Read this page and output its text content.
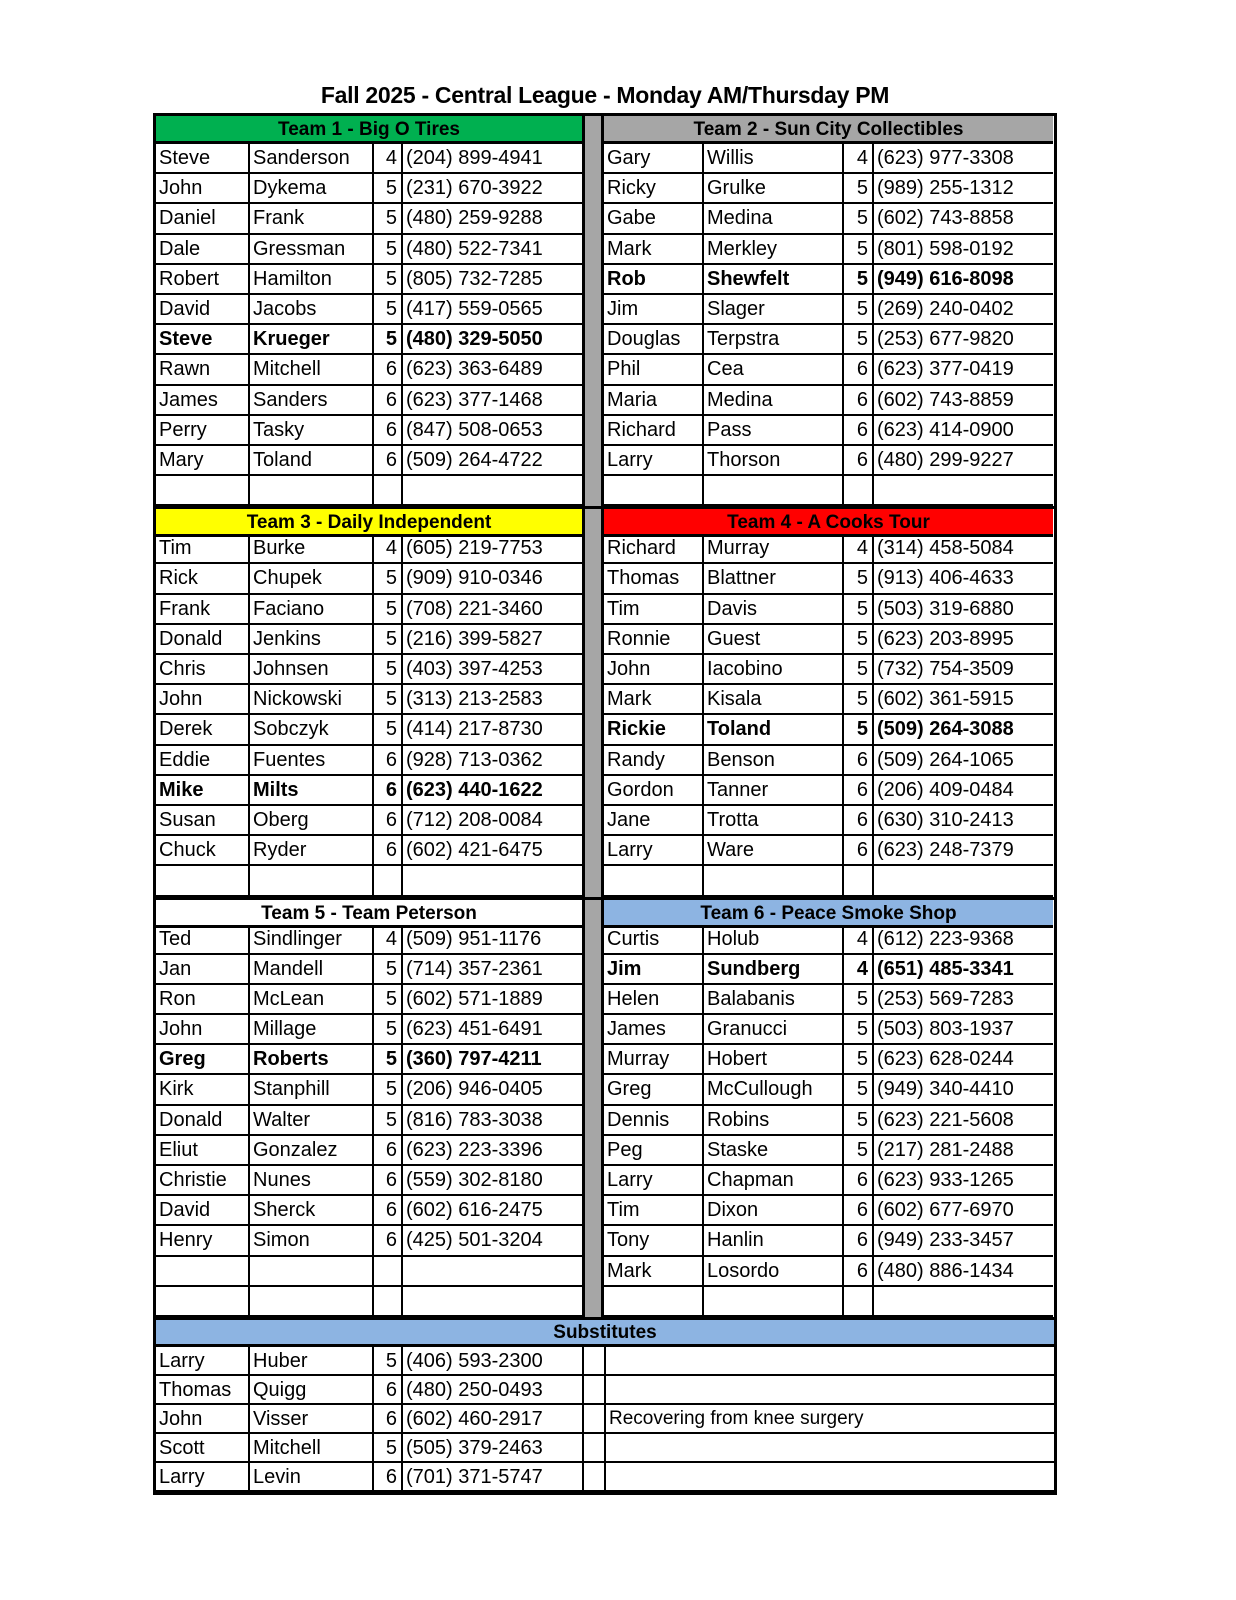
Fall 2025 - Central League - Monday AM/Thursday PM
Team 1 - Big O Tires	Team 2 - Sun City Collectibles
Steve	Sanderson	4 (204) 899-4941	Gary	Willis	4 (623) 977-3308
John	Dykema	5 (231) 670-3922	Ricky	Grulke	5 (989) 255-1312
Daniel	Frank	5 (480) 259-9288	Gabe	Medina	5 (602) 743-8858
Dale	Gressman	5 (480) 522-7341	Mark	Merkley	5 (801) 598-0192
Robert	Hamilton	5 (805) 732-7285	Rob	Shewfelt	5 (949) 616-8098
David	Jacobs	5 (417) 559-0565	Jim	Slager	5 (269) 240-0402
Steve	Krueger	5 (480) 329-5050	Douglas	Terpstra	5 (253) 677-9820
Rawn	Mitchell	6 (623) 363-6489	Phil	Cea	6 (623) 377-0419
James	Sanders	6 (623) 377-1468	Maria	Medina	6 (602) 743-8859
Perry	Tasky	6 (847) 508-0653	Richard	Pass	6 (623) 414-0900
Mary	Toland	6 (509) 264-4722	Larry	Thorson	6 (480) 299-9227
Team 3 - Daily Independent	Team 4 - A Cooks Tour
Tim	Burke	4 (605) 219-7753	Richard	Murray	4 (314) 458-5084
Rick	Chupek	5 (909) 910-0346	Thomas	Blattner	5 (913) 406-4633
Frank	Faciano	5 (708) 221-3460	Tim	Davis	5 (503) 319-6880
Donald	Jenkins	5 (216) 399-5827	Ronnie	Guest	5 (623) 203-8995
Chris	Johnsen	5 (403) 397-4253	John	Iacobino	5 (732) 754-3509
John	Nickowski	5 (313) 213-2583	Mark	Kisala	5 (602) 361-5915
Derek	Sobczyk	5 (414) 217-8730	Rickie	Toland	5 (509) 264-3088
Eddie	Fuentes	6 (928) 713-0362	Randy	Benson	6 (509) 264-1065
Mike	Milts	6 (623) 440-1622	Gordon	Tanner	6 (206) 409-0484
Susan	Oberg	6 (712) 208-0084	Jane	Trotta	6 (630) 310-2413
Chuck	Ryder	6 (602) 421-6475	Larry	Ware	6 (623) 248-7379
Team 5 - Team Peterson	Team 6 - Peace Smoke Shop
Ted	Sindlinger	4 (509) 951-1176	Curtis	Holub	4 (612) 223-9368
Jan	Mandell	5 (714) 357-2361	Jim	Sundberg	4 (651) 485-3341
Ron	McLean	5 (602) 571-1889	Helen	Balabanis	5 (253) 569-7283
John	Millage	5 (623) 451-6491	James	Granucci	5 (503) 803-1937
Greg	Roberts	5 (360) 797-4211	Murray	Hobert	5 (623) 628-0244
Kirk	Stanphill	5 (206) 946-0405	Greg	McCullough	5 (949) 340-4410
Donald	Walter	5 (816) 783-3038	Dennis	Robins	5 (623) 221-5608
Eliut	Gonzalez	6 (623) 223-3396	Peg	Staske	5 (217) 281-2488
Christie	Nunes	6 (559) 302-8180	Larry	Chapman	6 (623) 933-1265
David	Sherck	6 (602) 616-2475	Tim	Dixon	6 (602) 677-6970
Henry	Simon	6 (425) 501-3204	Tony	Hanlin	6 (949) 233-3457
Mark	Losordo	6 (480) 886-1434
Substitutes
Larry	Huber	5 (406) 593-2300
Thomas	Quigg	6 (480) 250-0493
John	Visser	6 (602) 460-2917	Recovering from knee surgery
Scott	Mitchell	5 (505) 379-2463
Larry	Levin	6 (701) 371-5747
